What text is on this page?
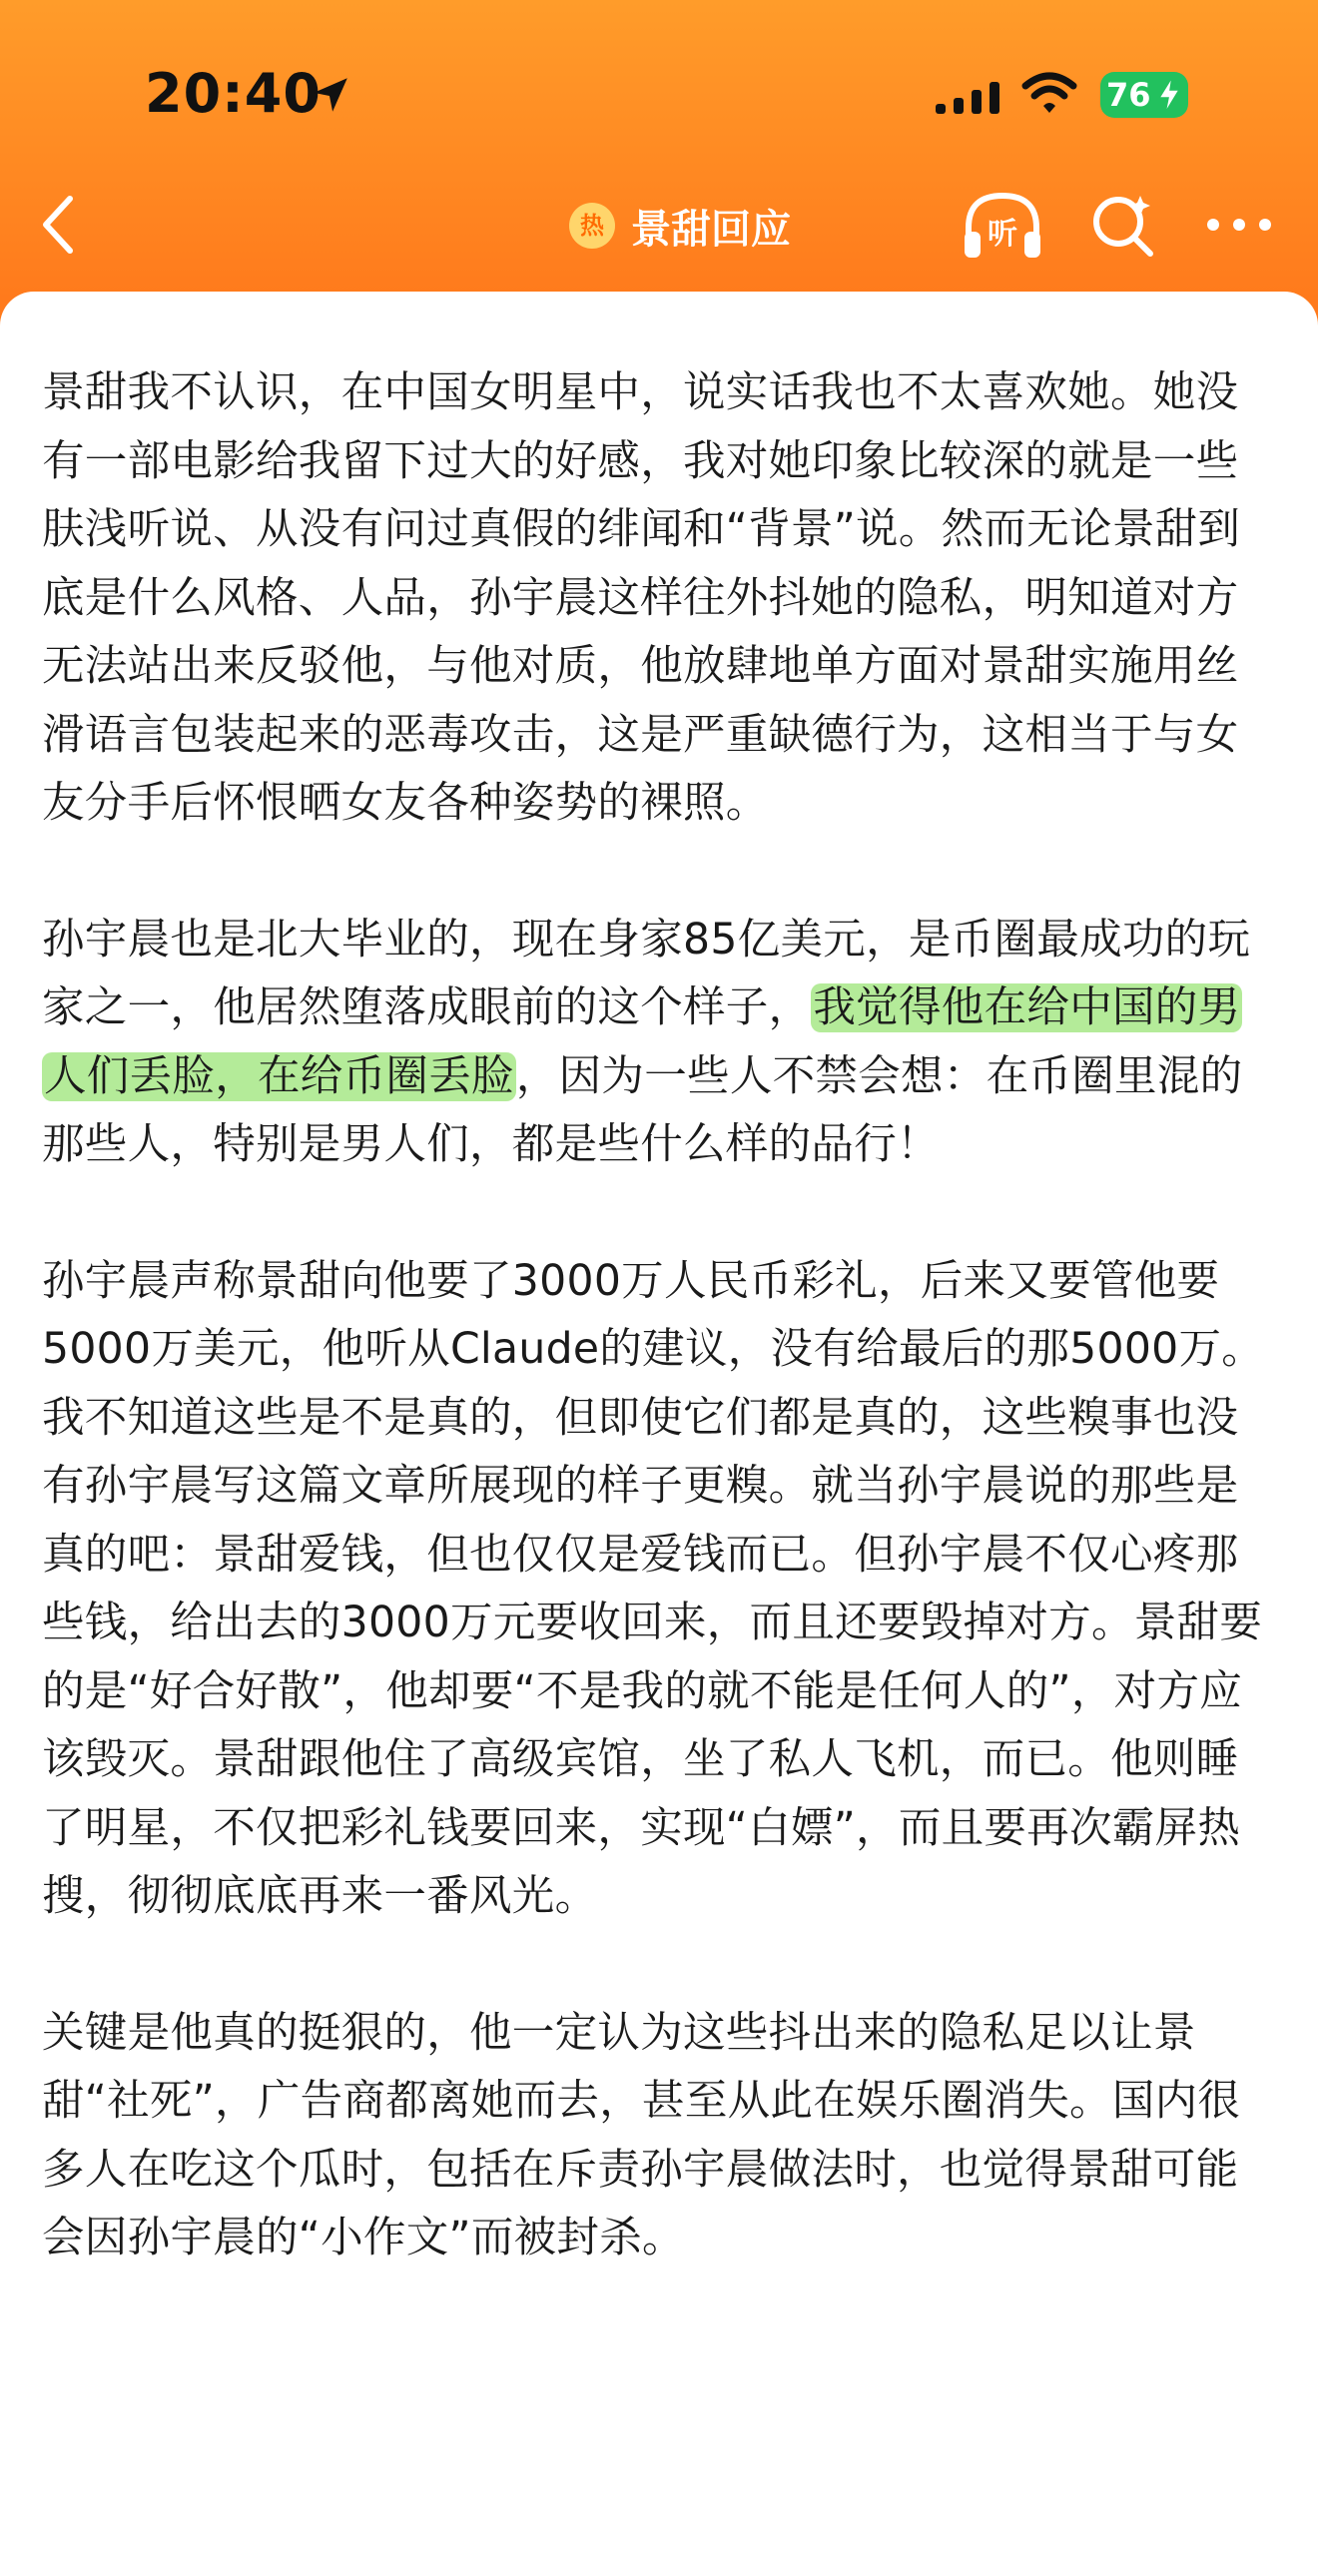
20:40	76
热 景甜回应	听

景甜我不认识，在中国女明星中，说实话我也不太喜欢她。她没有一部电影给我留下过大的好感，我对她印象比较深的就是一些肤浅听说、从没有问过真假的绯闻和“背景”说。然而无论景甜到底是什么风格、人品，孙宇晨这样往外抖她的隐私，明知道对方无法站出来反驳他，与他对质，他放肆地单方面对景甜实施用丝滑语言包装起来的恶毒攻击，这是严重缺德行为，这相当于与女友分手后怀恨晒女友各种姿势的裸照。

孙宇晨也是北大毕业的，现在身家85亿美元，是币圈最成功的玩家之一，他居然堕落成眼前的这个样子，我觉得他在给中国的男人们丢脸，在给币圈丢脸，因为一些人不禁会想：在币圈里混的那些人，特别是男人们，都是些什么样的品行！

孙宇晨声称景甜向他要了3000万人民币彩礼，后来又要管他要5000万美元，他听从Claude的建议，没有给最后的那5000万。我不知道这些是不是真的，但即使它们都是真的，这些糗事也没有孙宇晨写这篇文章所展现的样子更糗。就当孙宇晨说的那些是真的吧：景甜爱钱，但也仅仅是爱钱而已。但孙宇晨不仅心疼那些钱，给出去的3000万元要收回来，而且还要毁掉对方。景甜要的是“好合好散”，他却要“不是我的就不能是任何人的”，对方应该毁灭。景甜跟他住了高级宾馆，坐了私人飞机，而已。他则睡了明星，不仅把彩礼钱要回来，实现“白嫖”，而且要再次霸屏热搜，彻彻底底再来一番风光。

关键是他真的挺狠的，他一定认为这些抖出来的隐私足以让景甜“社死”，广告商都离她而去，甚至从此在娱乐圈消失。国内很多人在吃这个瓜时，包括在斥责孙宇晨做法时，也觉得景甜可能会因孙宇晨的“小作文”而被封杀。
